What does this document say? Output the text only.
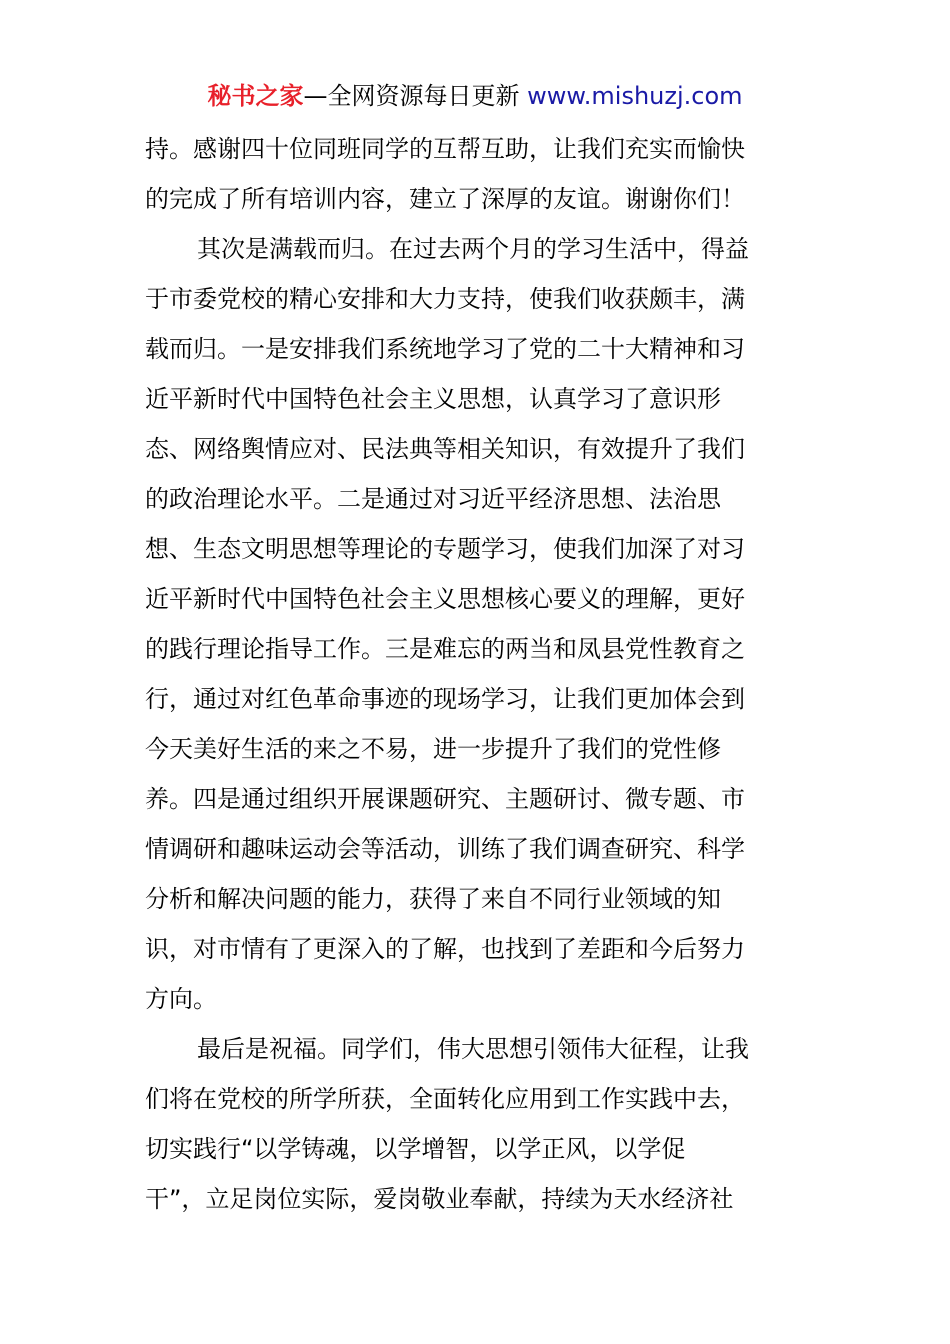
秘书之家—全网资源每日更新 www.mishuzj.com
持。感谢四十位同班同学的互帮互助，让我们充实而愉快
的完成了所有培训内容，建立了深厚的友谊。谢谢你们！
其次是满载而归。在过去两个月的学习生活中，得益
于市委党校的精心安排和大力支持，使我们收获颇丰，满
载而归。一是安排我们系统地学习了党的二十大精神和习
近平新时代中国特色社会主义思想，认真学习了意识形
态、网络舆情应对、民法典等相关知识，有效提升了我们
的政治理论水平。二是通过对习近平经济思想、法治思
想、生态文明思想等理论的专题学习，使我们加深了对习
近平新时代中国特色社会主义思想核心要义的理解，更好
的践行理论指导工作。三是难忘的两当和凤县党性教育之
行，通过对红色革命事迹的现场学习，让我们更加体会到
今天美好生活的来之不易，进一步提升了我们的党性修
养。四是通过组织开展课题研究、主题研讨、微专题、市
情调研和趣味运动会等活动，训练了我们调查研究、科学
分析和解决问题的能力，获得了来自不同行业领域的知
识，对市情有了更深入的了解，也找到了差距和今后努力
方向。
最后是祝福。同学们，伟大思想引领伟大征程，让我
们将在党校的所学所获，全面转化应用到工作实践中去，
切实践行“以学铸魂，以学增智，以学正风，以学促
干”，立足岗位实际，爱岗敬业奉献，持续为天水经济社
